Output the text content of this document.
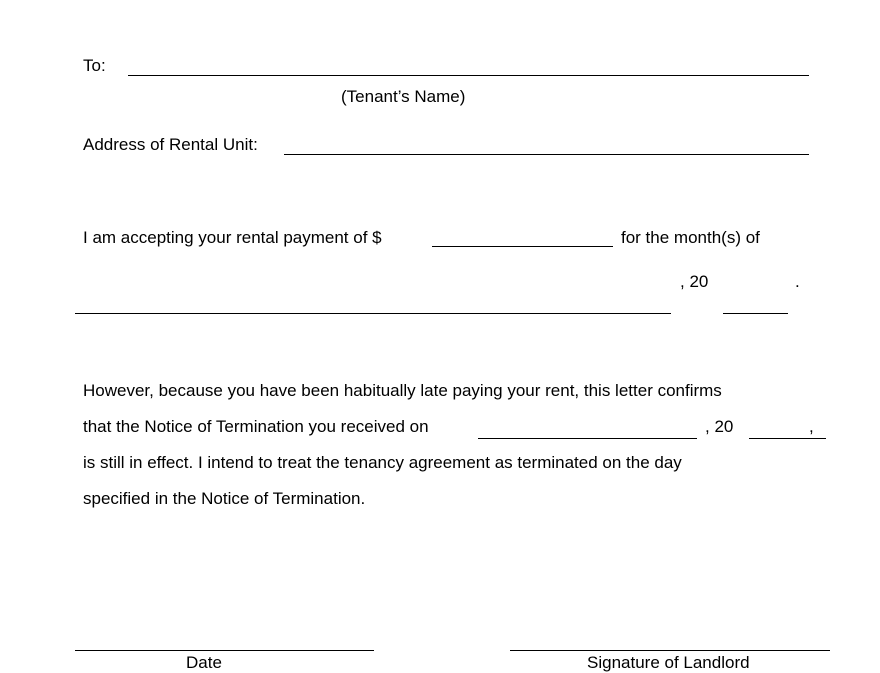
To:
(Tenant’s Name)
Address of Rental Unit:
I am accepting your rental payment of $	for the month(s) of
, 20	.
However, because you have been habitually late paying your rent, this letter confirms
that the Notice of Termination you received on	, 20	,
is still in effect. I intend to treat the tenancy agreement as terminated on the day
specified in the Notice of Termination.
Date	Signature of Landlord
